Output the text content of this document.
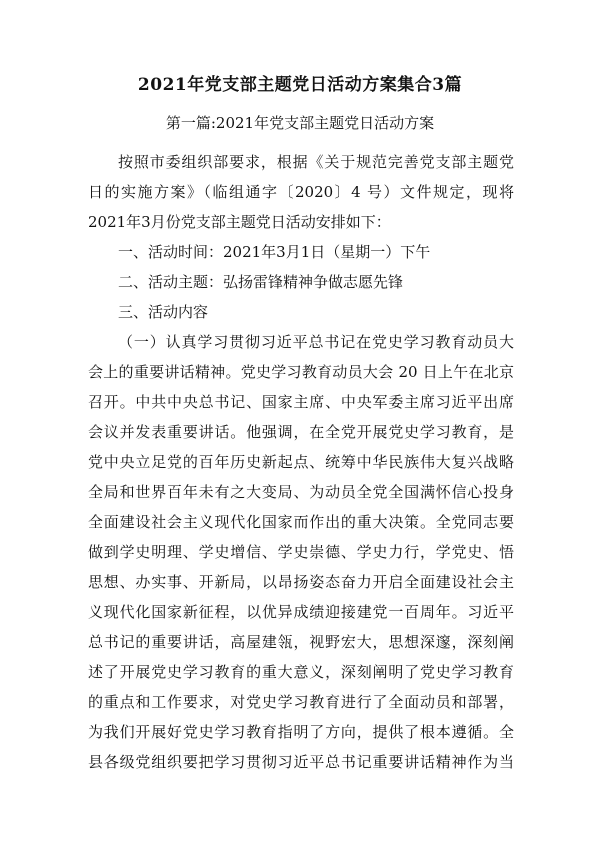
2021年党支部主题党日活动方案集合3篇
第一篇:2021年党支部主题党日活动方案
按照市委组织部要求，根据《关于规范完善党支部主题党
日的实施方案》（临组通字〔2020〕4 号）文件规定，现将
2021年3月份党支部主题党日活动安排如下：
一、活动时间：2021年3月1日（星期一）下午
二、活动主题：弘扬雷锋精神争做志愿先锋
三、活动内容
（一）认真学习贯彻习近平总书记在党史学习教育动员大
会上的重要讲话精神。党史学习教育动员大会 20 日上午在北京
召开。中共中央总书记、国家主席、中央军委主席习近平出席
会议并发表重要讲话。他强调，在全党开展党史学习教育，是
党中央立足党的百年历史新起点、统筹中华民族伟大复兴战略
全局和世界百年未有之大变局、为动员全党全国满怀信心投身
全面建设社会主义现代化国家而作出的重大决策。全党同志要
做到学史明理、学史增信、学史崇德、学史力行，学党史、悟
思想、办实事、开新局，以昂扬姿态奋力开启全面建设社会主
义现代化国家新征程，以优异成绩迎接建党一百周年。习近平
总书记的重要讲话，高屋建瓴，视野宏大，思想深邃，深刻阐
述了开展党史学习教育的重大意义，深刻阐明了党史学习教育
的重点和工作要求，对党史学习教育进行了全面动员和部署，
为我们开展好党史学习教育指明了方向，提供了根本遵循。全
县各级党组织要把学习贯彻习近平总书记重要讲话精神作为当
